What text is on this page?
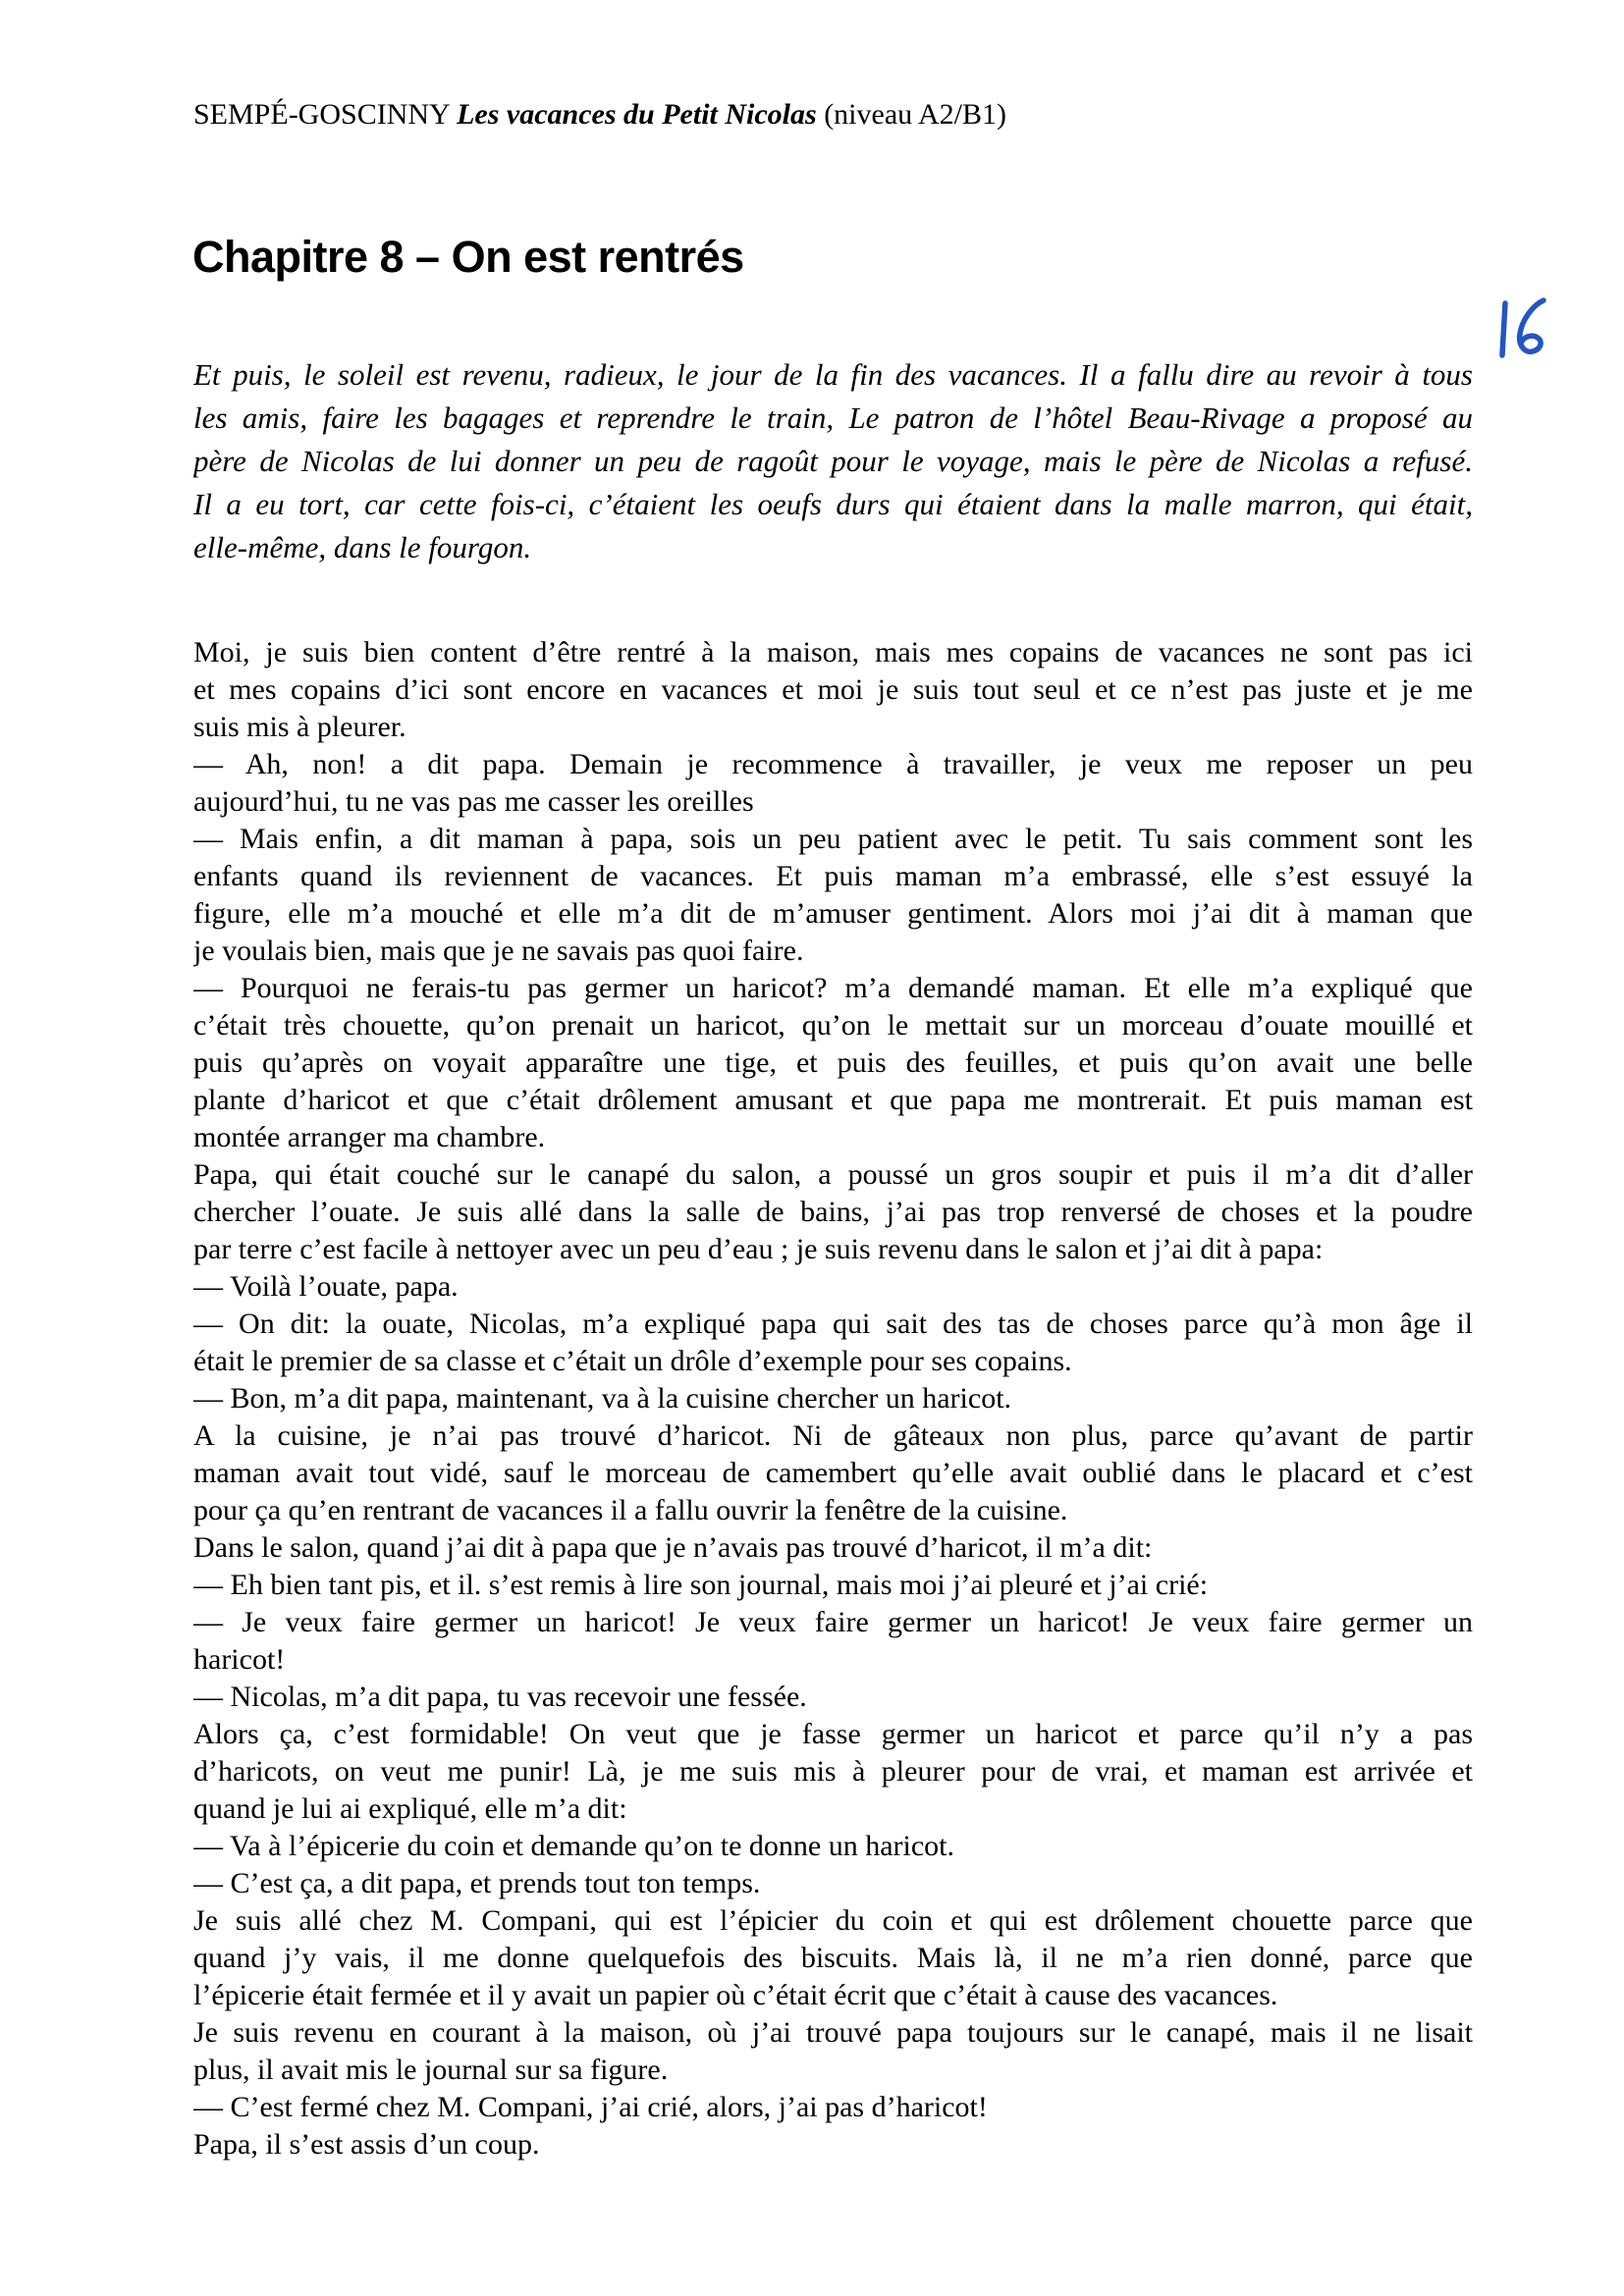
SEMPÉ-GOSCINNY Les vacances du Petit Nicolas (niveau A2/B1)
Chapitre 8 – On est rentrés
Et puis, le soleil est revenu, radieux, le jour de la fin des vacances. Il a fallu dire au revoir à tous
les amis, faire les bagages et reprendre le train, Le patron de l’hôtel Beau-Rivage a proposé au
père de Nicolas de lui donner un peu de ragoût pour le voyage, mais le père de Nicolas a refusé.
Il a eu tort, car cette fois-ci, c’étaient les oeufs durs qui étaient dans la malle marron, qui était,
elle-même, dans le fourgon.
Moi, je suis bien content d’être rentré à la maison, mais mes copains de vacances ne sont pas ici
et mes copains d’ici sont encore en vacances et moi je suis tout seul et ce n’est pas juste et je me
suis mis à pleurer.
— Ah, non! a dit papa. Demain je recommence à travailler, je veux me reposer un peu
aujourd’hui, tu ne vas pas me casser les oreilles
— Mais enfin, a dit maman à papa, sois un peu patient avec le petit. Tu sais comment sont les
enfants quand ils reviennent de vacances. Et puis maman m’a embrassé, elle s’est essuyé la
figure, elle m’a mouché et elle m’a dit de m’amuser gentiment. Alors moi j’ai dit à maman que
je voulais bien, mais que je ne savais pas quoi faire.
— Pourquoi ne ferais-tu pas germer un haricot? m’a demandé maman. Et elle m’a expliqué que
c’était très chouette, qu’on prenait un haricot, qu’on le mettait sur un morceau d’ouate mouillé et
puis qu’après on voyait apparaître une tige, et puis des feuilles, et puis qu’on avait une belle
plante d’haricot et que c’était drôlement amusant et que papa me montrerait. Et puis maman est
montée arranger ma chambre.
Papa, qui était couché sur le canapé du salon, a poussé un gros soupir et puis il m’a dit d’aller
chercher l’ouate. Je suis allé dans la salle de bains, j’ai pas trop renversé de choses et la poudre
par terre c’est facile à nettoyer avec un peu d’eau ; je suis revenu dans le salon et j’ai dit à papa:
— Voilà l’ouate, papa.
— On dit: la ouate, Nicolas, m’a expliqué papa qui sait des tas de choses parce qu’à mon âge il
était le premier de sa classe et c’était un drôle d’exemple pour ses copains.
— Bon, m’a dit papa, maintenant, va à la cuisine chercher un haricot.
A la cuisine, je n’ai pas trouvé d’haricot. Ni de gâteaux non plus, parce qu’avant de partir
maman avait tout vidé, sauf le morceau de camembert qu’elle avait oublié dans le placard et c’est
pour ça qu’en rentrant de vacances il a fallu ouvrir la fenêtre de la cuisine.
Dans le salon, quand j’ai dit à papa que je n’avais pas trouvé d’haricot, il m’a dit:
— Eh bien tant pis, et il. s’est remis à lire son journal, mais moi j’ai pleuré et j’ai crié:
— Je veux faire germer un haricot! Je veux faire germer un haricot! Je veux faire germer un
haricot!
— Nicolas, m’a dit papa, tu vas recevoir une fessée.
Alors ça, c’est formidable! On veut que je fasse germer un haricot et parce qu’il n’y a pas
d’haricots, on veut me punir! Là, je me suis mis à pleurer pour de vrai, et maman est arrivée et
quand je lui ai expliqué, elle m’a dit:
— Va à l’épicerie du coin et demande qu’on te donne un haricot.
— C’est ça, a dit papa, et prends tout ton temps.
Je suis allé chez M. Compani, qui est l’épicier du coin et qui est drôlement chouette parce que
quand j’y vais, il me donne quelquefois des biscuits. Mais là, il ne m’a rien donné, parce que
l’épicerie était fermée et il y avait un papier où c’était écrit que c’était à cause des vacances.
Je suis revenu en courant à la maison, où j’ai trouvé papa toujours sur le canapé, mais il ne lisait
plus, il avait mis le journal sur sa figure.
— C’est fermé chez M. Compani, j’ai crié, alors, j’ai pas d’haricot!
Papa, il s’est assis d’un coup.
